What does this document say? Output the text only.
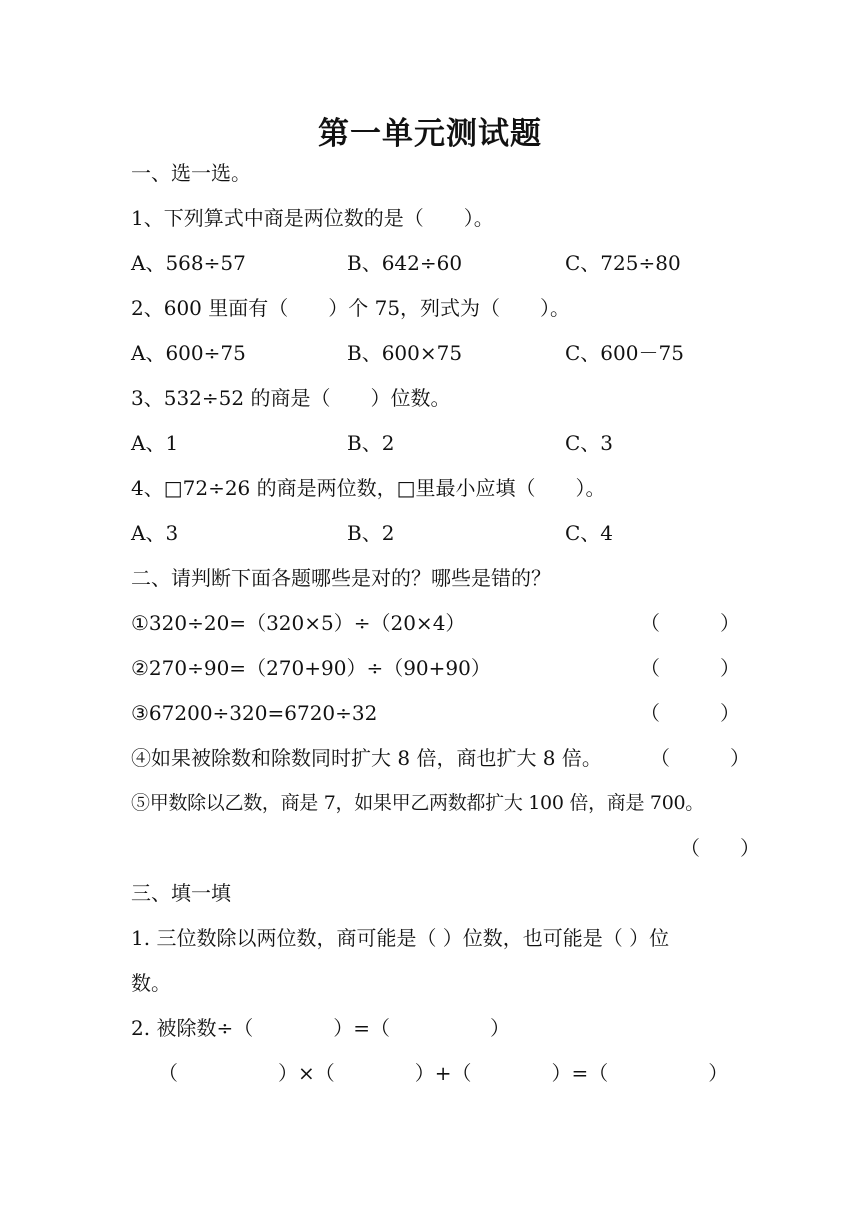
第一单元测试题
一、选一选。
1、下列算式中商是两位数的是（　　）。
A、568÷57	B、642÷60	C、725÷80
2、600 里面有（　　）个 75，列式为（　　）。
A、600÷75	B、600×75	C、600－75
3、532÷52 的商是（　　）位数。
A、1	B、2	C、3
4、□72÷26 的商是两位数，□里最小应填（　　）。
A、3	B、2	C、4
二、请判断下面各题哪些是对的？哪些是错的？
①320÷20=（320×5）÷（20×4）	（　　　）
②270÷90=（270+90）÷（90+90）	（　　　）
③67200÷320=6720÷32	（　　　）
④如果被除数和除数同时扩大 8 倍，商也扩大 8 倍。 （　　　）
⑤甲数除以乙数，商是 7，如果甲乙两数都扩大 100 倍，商是 700。
（　　）
三、填一填
1. 三位数除以两位数，商可能是（ ）位数，也可能是（ ）位
数。
2. 被除数÷（　　　　）=（　　　　　）
（　　　　　）×（　　　　）+（　　　　）=（　　　　　）
